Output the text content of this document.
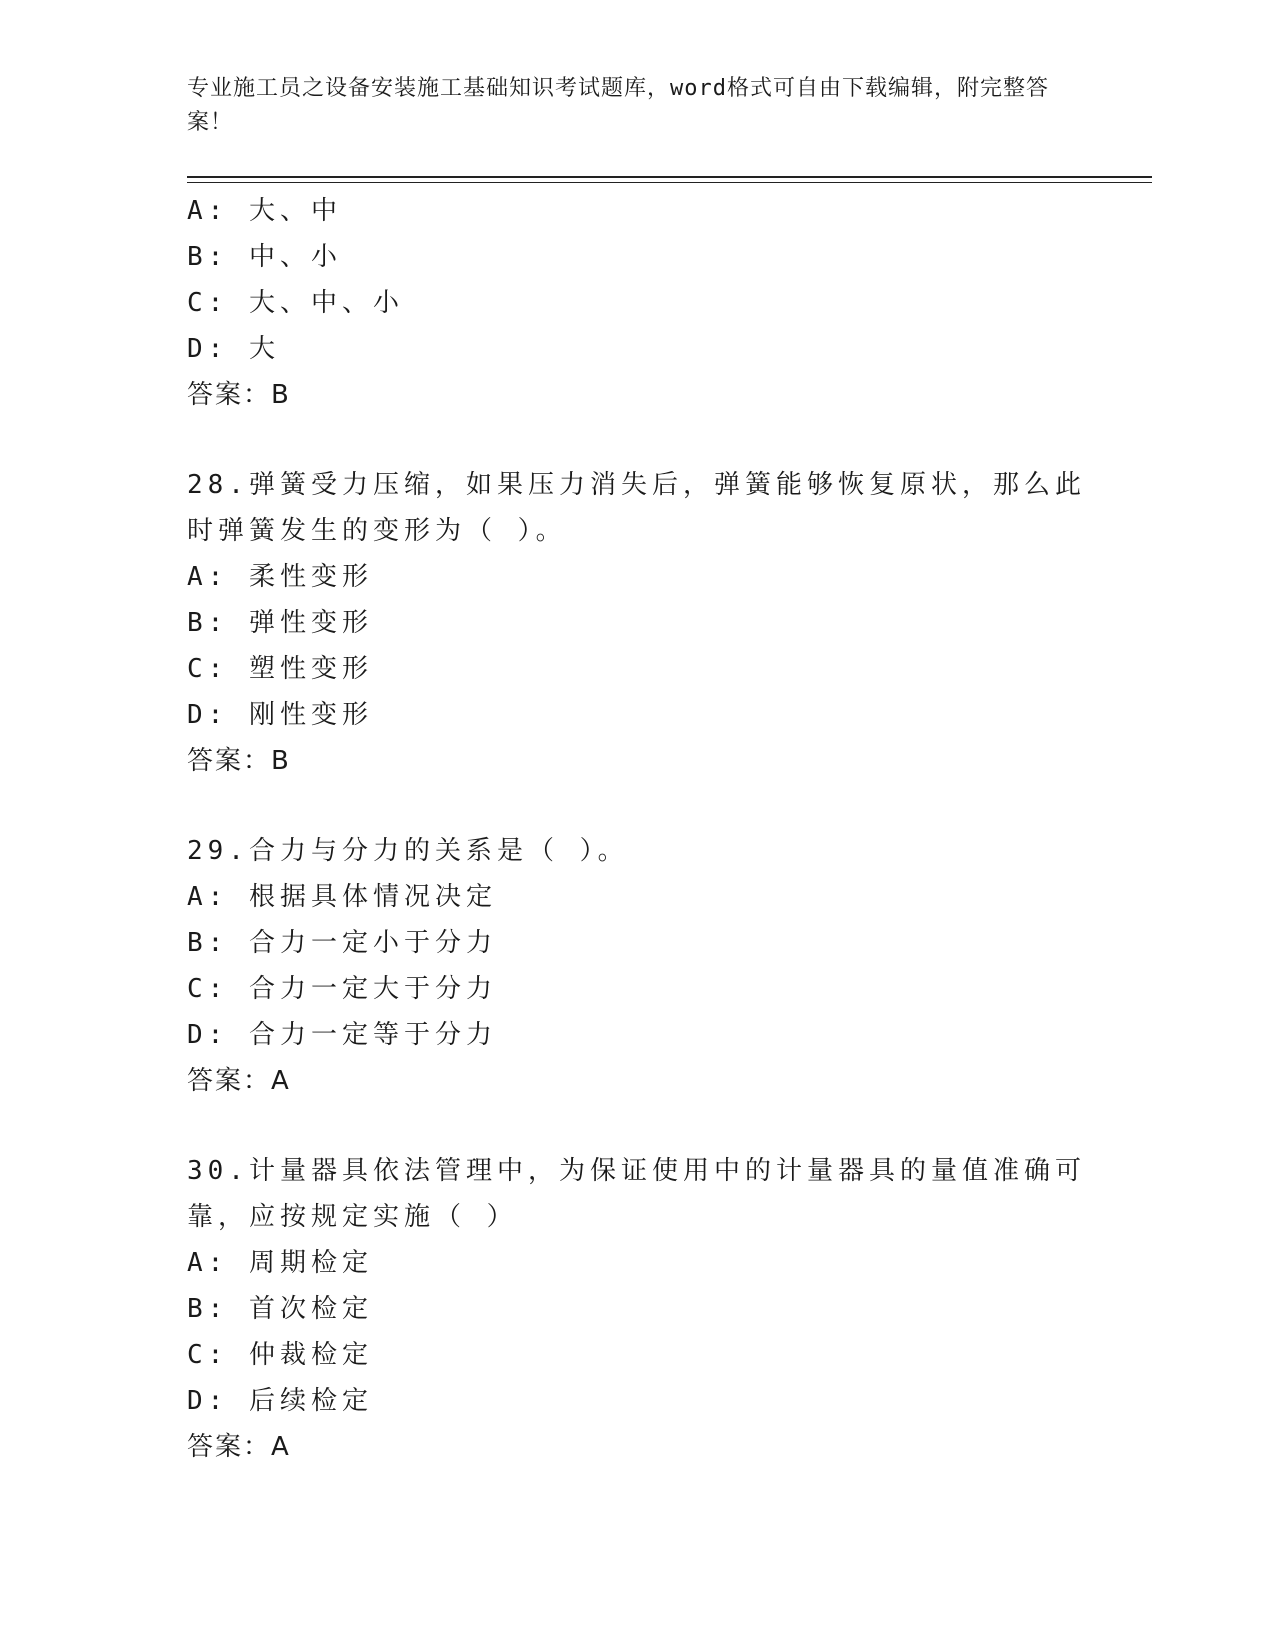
专业施工员之设备安装施工基础知识考试题库，word格式可自由下载编辑，附完整答案！
A: 大、中
B: 中、小
C: 大、中、小
D: 大
答案：B
28.弹簧受力压缩，如果压力消失后，弹簧能够恢复原状，那么此时弹簧发生的变形为（ ）。
A: 柔性变形
B: 弹性变形
C: 塑性变形
D: 刚性变形
答案：B
29.合力与分力的关系是（ ）。
A: 根据具体情况决定
B: 合力一定小于分力
C: 合力一定大于分力
D: 合力一定等于分力
答案：A
30.计量器具依法管理中，为保证使用中的计量器具的量值准确可靠，应按规定实施（ ）
A: 周期检定
B: 首次检定
C: 仲裁检定
D: 后续检定
答案：A
